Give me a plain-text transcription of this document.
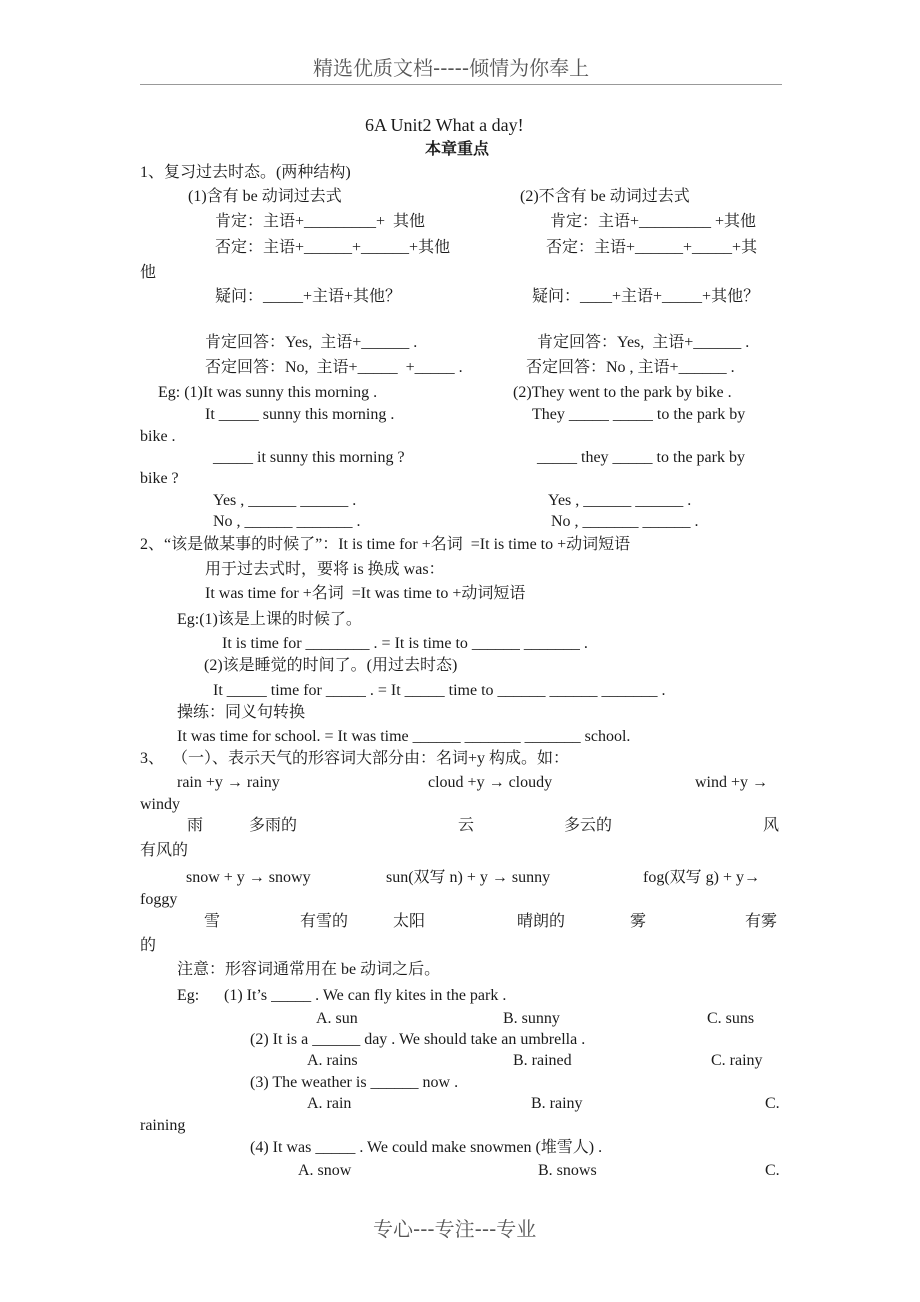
精选优质文档-----倾情为你奉上
6A Unit2 What a day!
本章重点
1、复习过去时态。(两种结构)
(1)含有 be 动词过去式	(2)不含有 be 动词过去式
肯定：主语+_________+  其他	肯定：主语+_________ +其他
否定：主语+______+______+其他	否定：主语+______+_____+其
他
疑问：_____+主语+其他？	疑问：____+主语+_____+其他？
肯定回答：Yes,  主语+______ .	肯定回答：Yes,  主语+______ .
否定回答：No,  主语+_____  +_____ .	否定回答：No , 主语+______ .
Eg: (1)It was sunny this morning .	(2)They went to the park by bike .
It _____ sunny this morning .	They _____ _____ to the park by
bike .
_____ it sunny this morning ?	_____ they _____ to the park by
bike ?
Yes , ______ ______ .	Yes , ______ ______ .
No , ______ _______ .	No , _______ ______ .
2、“该是做某事的时候了”：It is time for +名词  =It is time to +动词短语
用于过去式时，要将 is 换成 was：
It was time for +名词  =It was time to +动词短语
Eg:(1)该是上课的时候了。
It is time for ________ . = It is time to ______ _______ .
(2)该是睡觉的时间了。(用过去时态)
It _____ time for _____ . = It _____ time to ______ ______ _______ .
操练：同义句转换
It was time for school. = It was time ______ _______ _______ school.
3、  （一）、表示天气的形容词大部分由：名词+y 构成。如：
rain +y → rainy	cloud +y → cloudy	wind +y →
windy
雨	多雨的	云	多云的	风
有风的
snow + y → snowy	sun(双写 n) + y → sunny	fog(双写 g) + y→
foggy
雪	有雪的	太阳	晴朗的	雾	有雾
的
注意：形容词通常用在 be 动词之后。
Eg: (1) It’s _____ . We can fly kites in the park .
A. sun	B. sunny	C. suns
(2) It is a ______ day . We should take an umbrella .
A. rains	B. rained	C. rainy
(3) The weather is ______ now .
A. rain	B. rainy	C.
raining
(4) It was _____ . We could make snowmen (堆雪人) .
A. snow	B. snows	C.
专心---专注---专业
